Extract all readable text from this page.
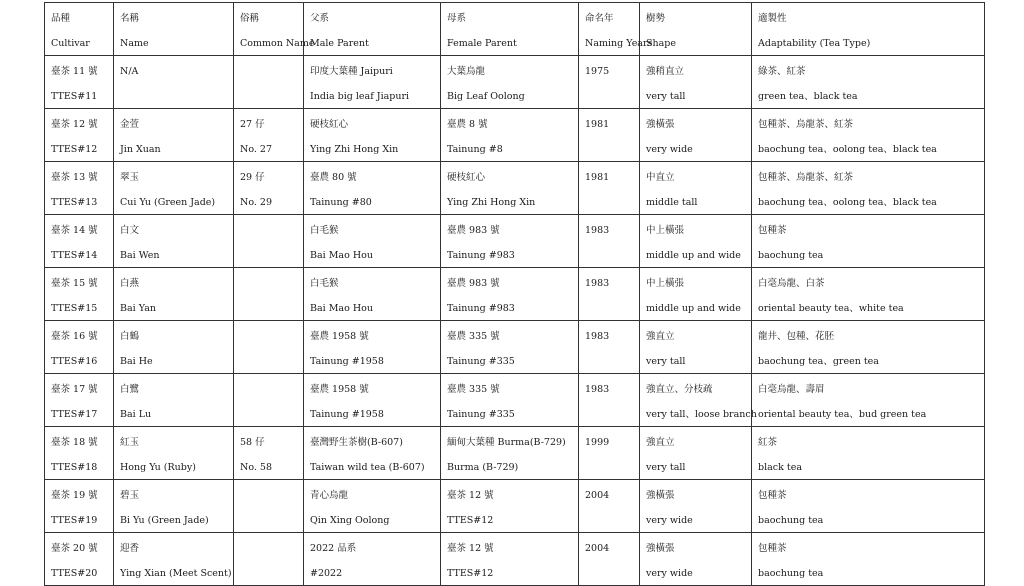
品種	名稱	俗稱	父系	母系	命名年	樹勢	適製性
Cultivar	Name	Common Name	Male Parent	Female Parent	Naming Years	Shape	Adaptability (Tea Type)
臺茶 11 號	N/A		印度大葉種 Jaipuri	大葉烏龍	1975	強稍直立	綠茶、紅茶
TTES#11			India big leaf Jiapuri	Big Leaf Oolong		very tall	green tea、black tea
臺茶 12 號	金萱	27 仔	硬枝紅心	臺農 8 號	1981	強橫張	包種茶、烏龍茶、紅茶
TTES#12	Jin Xuan	No. 27	Ying Zhi Hong Xin	Tainung #8		very wide	baochung tea、oolong tea、black tea
臺茶 13 號	翠玉	29 仔	臺農 80 號	硬枝紅心	1981	中直立	包種茶、烏龍茶、紅茶
TTES#13	Cui Yu (Green Jade)	No. 29	Tainung #80	Ying Zhi Hong Xin		middle tall	baochung tea、oolong tea、black tea
臺茶 14 號	白文		白毛猴	臺農 983 號	1983	中上橫張	包種茶
TTES#14	Bai Wen		Bai Mao Hou	Tainung #983		middle up and wide	baochung tea
臺茶 15 號	白燕		白毛猴	臺農 983 號	1983	中上橫張	白毫烏龍、白茶
TTES#15	Bai Yan		Bai Mao Hou	Tainung #983		middle up and wide	oriental beauty tea、white tea
臺茶 16 號	白鶴		臺農 1958 號	臺農 335 號	1983	強直立	龍井、包種、花胚
TTES#16	Bai He		Tainung #1958	Tainung #335		very tall	baochung tea、green tea
臺茶 17 號	白鷺		臺農 1958 號	臺農 335 號	1983	強直立、分枝疏	白毫烏龍、壽眉
TTES#17	Bai Lu		Tainung #1958	Tainung #335		very tall、loose branch	oriental beauty tea、bud green tea
臺茶 18 號	紅玉	58 仔	臺灣野生茶樹(B-607)	緬甸大葉種 Burma(B-729)	1999	強直立	紅茶
TTES#18	Hong Yu (Ruby)	No. 58	Taiwan wild tea (B-607)	Burma (B-729)		very tall	black tea
臺茶 19 號	碧玉		青心烏龍	臺茶 12 號	2004	強橫張	包種茶
TTES#19	Bi Yu (Green Jade)		Qin Xing Oolong	TTES#12		very wide	baochung tea
臺茶 20 號	迎香		2022 品系	臺茶 12 號	2004	強橫張	包種茶
TTES#20	Ying Xian (Meet Scent)		#2022	TTES#12		very wide	baochung tea
